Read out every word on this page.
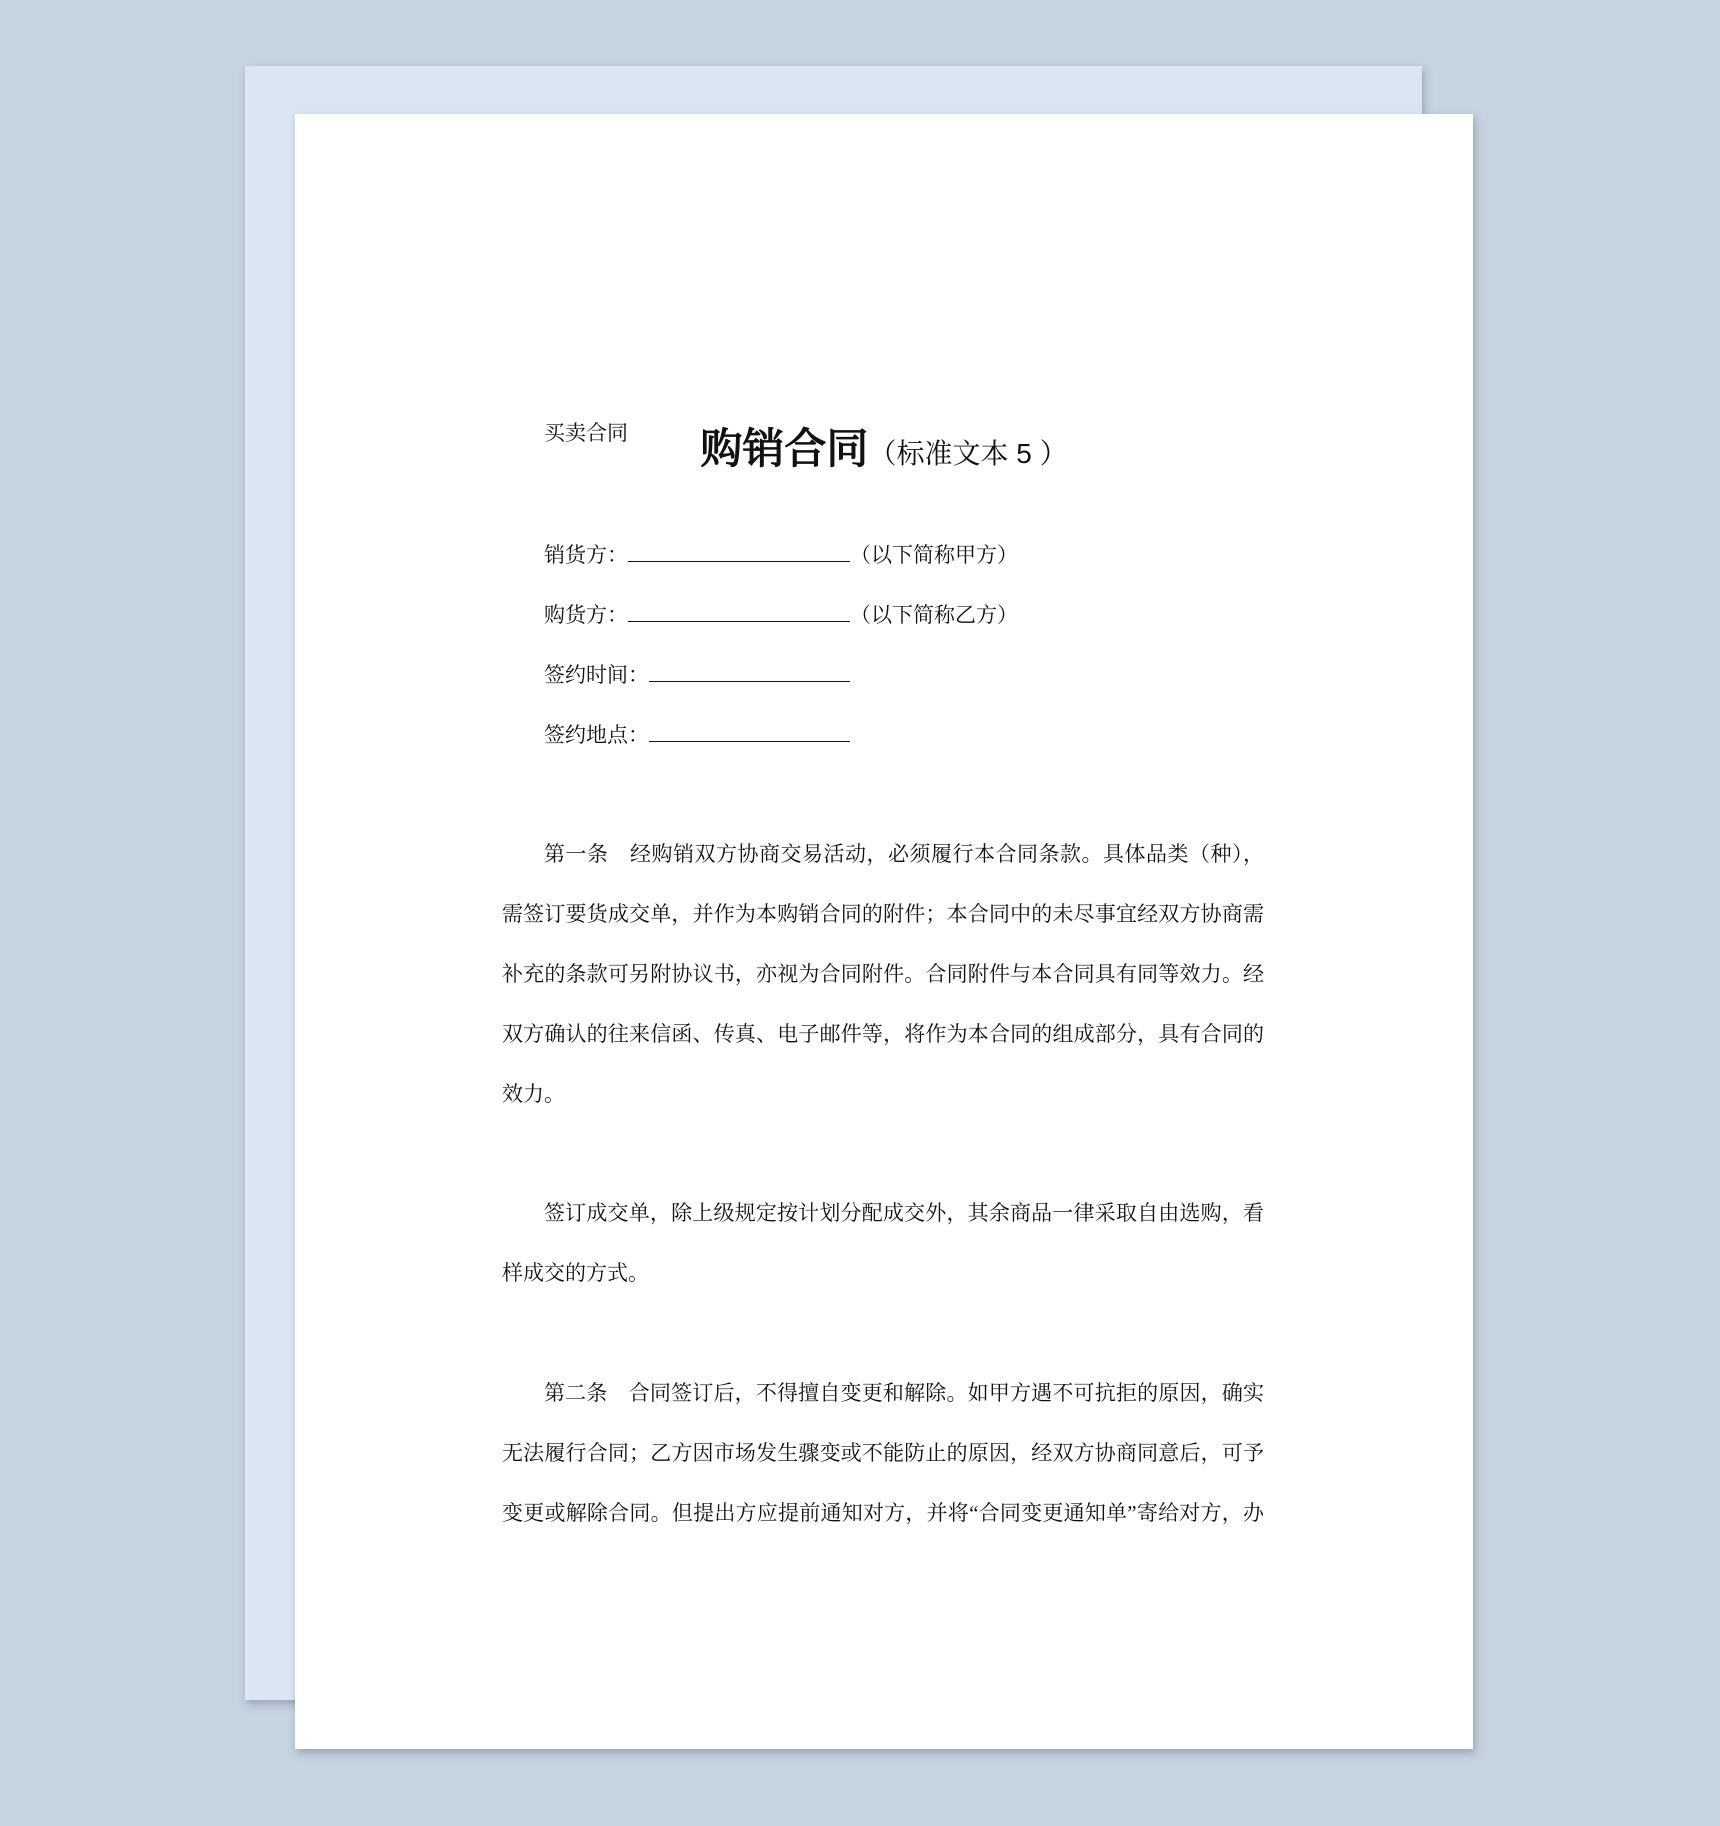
购销合同（标准文本 5 ）
买卖合同
销货方：	（以下简称甲方）
购货方：	（以下简称乙方）
签约时间：
签约地点：
第一条　经购销双方协商交易活动，必须履行本合同条款。具体品类（种），
需签订要货成交单，并作为本购销合同的附件；本合同中的未尽事宜经双方协商需
补充的条款可另附协议书，亦视为合同附件。合同附件与本合同具有同等效力。经
双方确认的往来信函、传真、电子邮件等，将作为本合同的组成部分，具有合同的
效力。
签订成交单，除上级规定按计划分配成交外，其余商品一律采取自由选购，看
样成交的方式。
第二条　合同签订后，不得擅自变更和解除。如甲方遇不可抗拒的原因，确实
无法履行合同；乙方因市场发生骤变或不能防止的原因，经双方协商同意后，可予
变更或解除合同。但提出方应提前通知对方，并将“合同变更通知单”寄给对方，办
